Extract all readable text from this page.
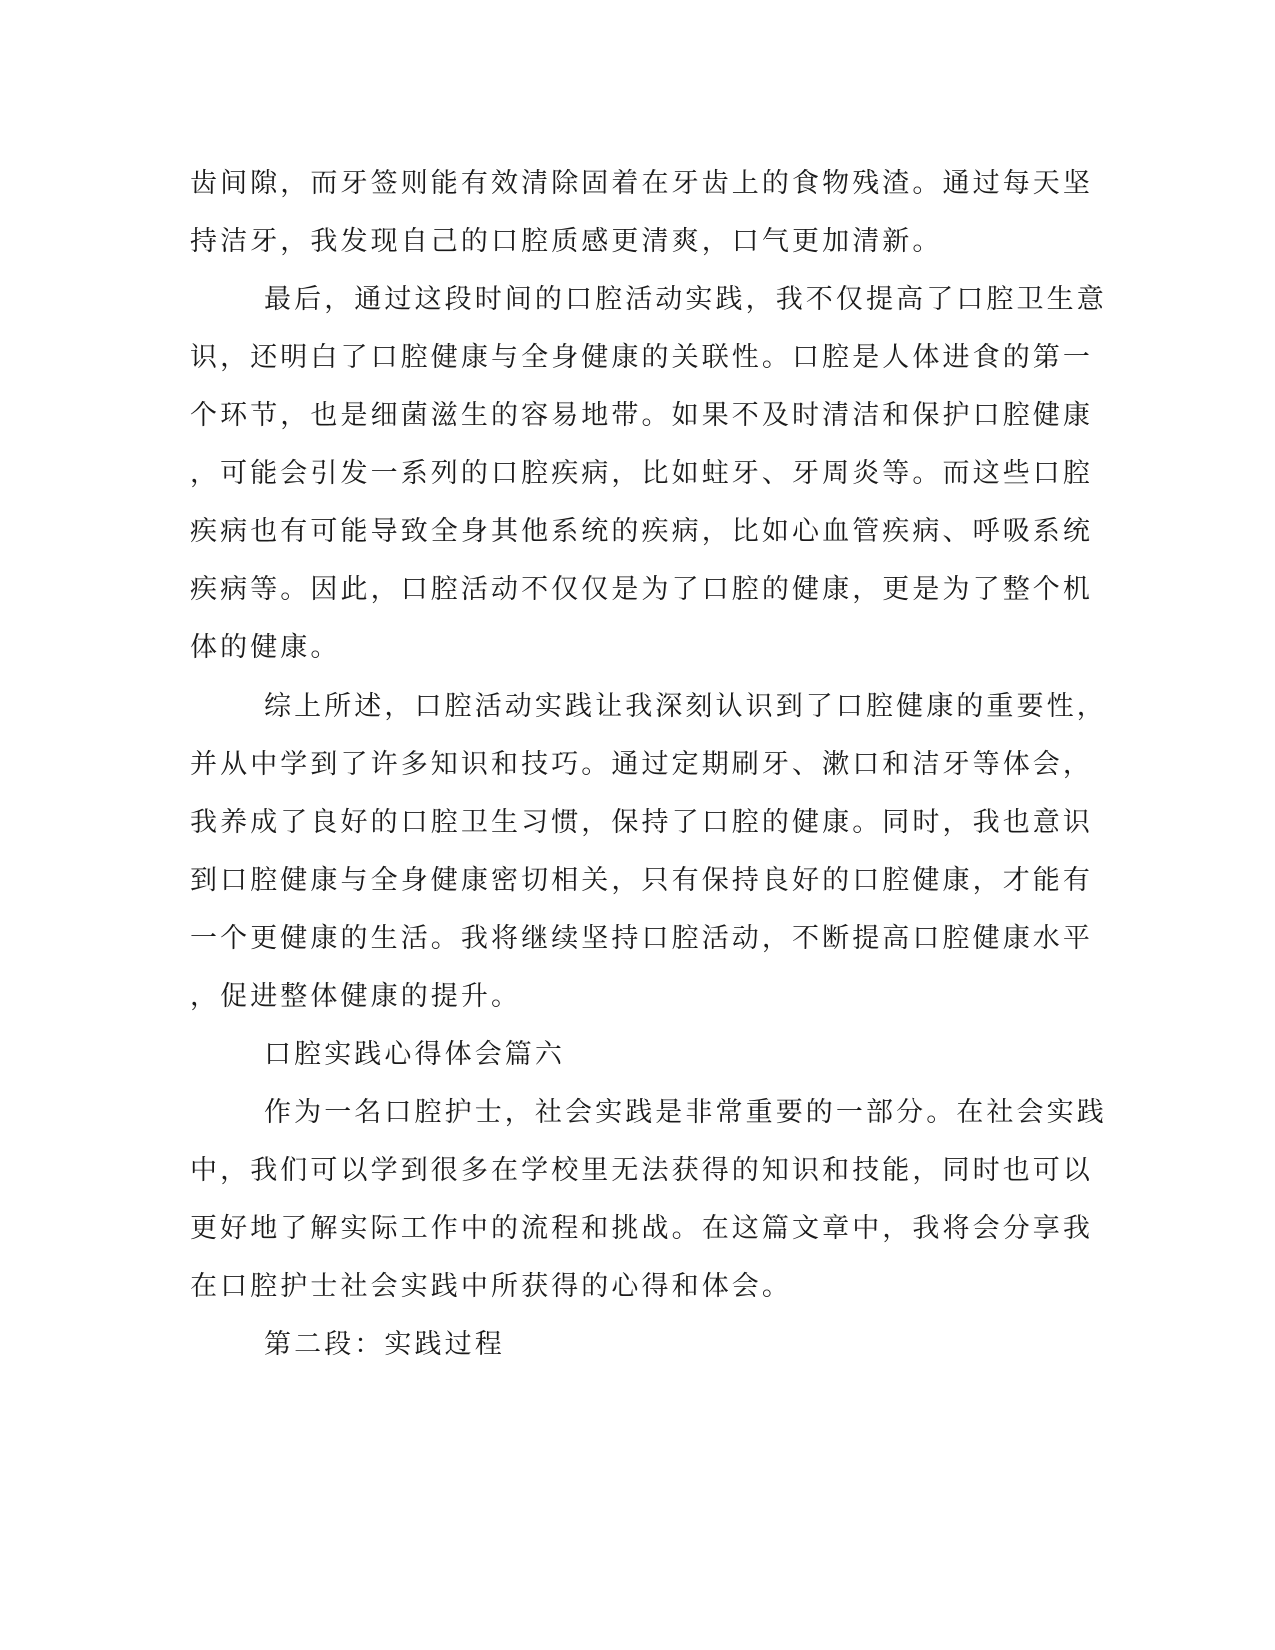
齿间隙，而牙签则能有效清除固着在牙齿上的食物残渣。通过每天坚
持洁牙，我发现自己的口腔质感更清爽，口气更加清新。
最后，通过这段时间的口腔活动实践，我不仅提高了口腔卫生意
识，还明白了口腔健康与全身健康的关联性。口腔是人体进食的第一
个环节，也是细菌滋生的容易地带。如果不及时清洁和保护口腔健康
，可能会引发一系列的口腔疾病，比如蛀牙、牙周炎等。而这些口腔
疾病也有可能导致全身其他系统的疾病，比如心血管疾病、呼吸系统
疾病等。因此，口腔活动不仅仅是为了口腔的健康，更是为了整个机
体的健康。
综上所述，口腔活动实践让我深刻认识到了口腔健康的重要性，
并从中学到了许多知识和技巧。通过定期刷牙、漱口和洁牙等体会，
我养成了良好的口腔卫生习惯，保持了口腔的健康。同时，我也意识
到口腔健康与全身健康密切相关，只有保持良好的口腔健康，才能有
一个更健康的生活。我将继续坚持口腔活动，不断提高口腔健康水平
，促进整体健康的提升。
口腔实践心得体会篇六
作为一名口腔护士，社会实践是非常重要的一部分。在社会实践
中，我们可以学到很多在学校里无法获得的知识和技能，同时也可以
更好地了解实际工作中的流程和挑战。在这篇文章中，我将会分享我
在口腔护士社会实践中所获得的心得和体会。
第二段：实践过程
